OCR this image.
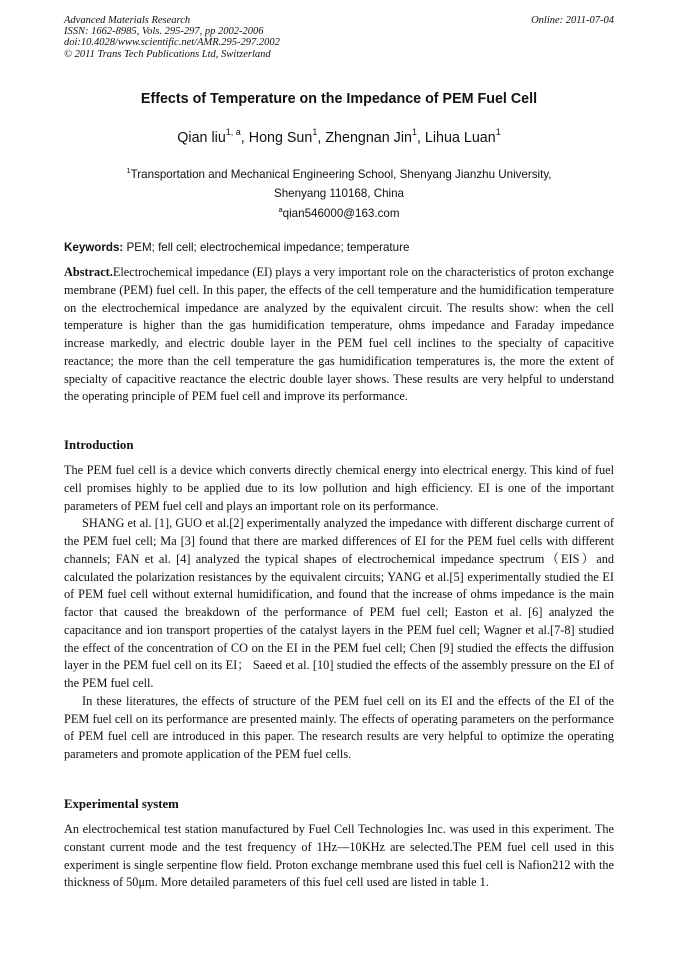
Advanced Materials Research
ISSN: 1662-8985, Vols. 295-297, pp 2002-2006
doi:10.4028/www.scientific.net/AMR.295-297.2002
© 2011 Trans Tech Publications Ltd, Switzerland
Online: 2011-07-04
Effects of Temperature on the Impedance of PEM Fuel Cell
Qian liu$^{1, a}$, Hong Sun$^1$, Zhengnan Jin$^1$, Lihua Luan$^1$
$^1$Transportation and Mechanical Engineering School, Shenyang Jianzhu University,
Shenyang 110168, China
$^a$qian546000@163.com
Keywords: PEM; fell cell; electrochemical impedance; temperature

Abstract.Electrochemical impedance (EI) plays a very important role on the characteristics of proton exchange membrane (PEM) fuel cell. In this paper, the effects of the cell temperature and the humidification temperature on the electrochemical impedance are analyzed by the equivalent circuit. The results show: when the cell temperature is higher than the gas humidification temperature, ohms impedance and Faraday impedance increase markedly, and electric double layer in the PEM fuel cell inclines to the specialty of capacitive reactance; the more than the cell temperature the gas humidification temperatures is, the more the extent of specialty of capacitive reactance the electric double layer shows. These results are very helpful to understand the operating principle of PEM fuel cell and improve its performance.

Introduction

The PEM fuel cell is a device which converts directly chemical energy into electrical energy. This kind of fuel cell promises highly to be applied due to its low pollution and high efficiency. EI is one of the important parameters of PEM fuel cell and plays an important role on its performance.

SHANG et al. [1], GUO et al.[2] experimentally analyzed the impedance with different discharge current of the PEM fuel cell; Ma [3] found that there are marked differences of EI for the PEM fuel cells with different channels; FAN et al. [4] analyzed the typical shapes of electrochemical impedance spectrum（EIS）and calculated the polarization resistances by the equivalent circuits; YANG et al.[5] experimentally studied the EI of PEM fuel cell without external humidification, and found that the increase of ohms impedance is the main factor that caused the breakdown of the performance of PEM fuel cell; Easton et al. [6] analyzed the capacitance and ion transport properties of the catalyst layers in the PEM fuel cell; Wagner et al.[7-8] studied the effect of the concentration of CO on the EI in the PEM fuel cell; Chen [9] studied the effects the diffusion layer in the PEM fuel cell on its EI； Saeed et al. [10] studied the effects of the assembly pressure on the EI of the PEM fuel cell.

In these literatures, the effects of structure of the PEM fuel cell on its EI and the effects of the EI of the PEM fuel cell on its performance are presented mainly. The effects of operating parameters on the performance of PEM fuel cell are introduced in this paper. The research results are very helpful to optimize the operating parameters and promote application of the PEM fuel cells.

Experimental system

An electrochemical test station manufactured by Fuel Cell Technologies Inc. was used in this experiment. The constant current mode and the test frequency of 1Hz—10KHz are selected.The PEM fuel cell used in this experiment is single serpentine flow field. Proton exchange membrane used this fuel cell is Nafion212 with the thickness of 50μm. More detailed parameters of this fuel cell used are listed in table 1.
